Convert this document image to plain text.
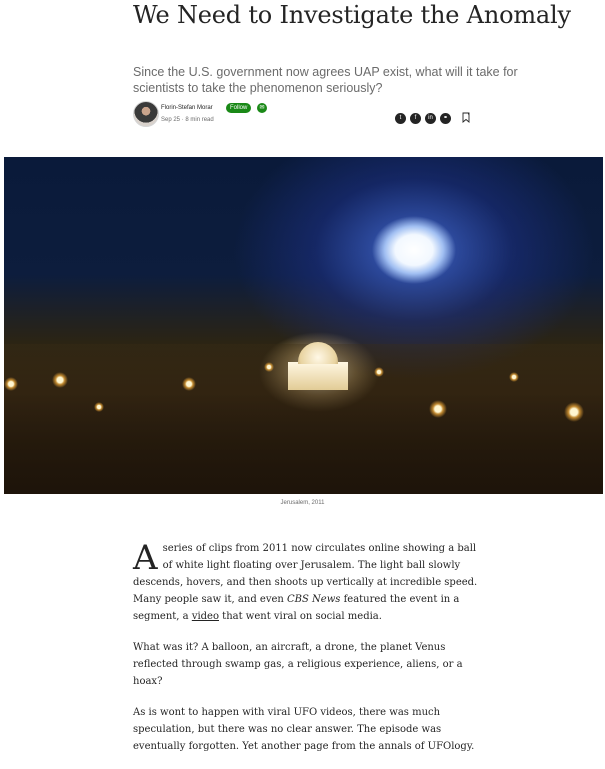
We Need to Investigate the Anomaly

Since the U.S. government now agrees UAP exist, what will it take for scientists to take the phenomenon seriously?

Florin-Stefan Morar	Follow	✉
Sep 25 · 8 min read	t	f	in	⚭
Jerusalem, 2011

Aseries of clips from 2011 now circulates online showing a ball of white light floating over Jerusalem. The light ball slowly descends, hovers, and then shoots up vertically at incredible speed. Many people saw it, and even CBS News featured the event in a segment, a video that went viral on social media.

What was it? A balloon, an aircraft, a drone, the planet Venus reflected through swamp gas, a religious experience, aliens, or a hoax?

As is wont to happen with viral UFO videos, there was much speculation, but there was no clear answer. The episode was eventually forgotten. Yet another page from the annals of UFOlogy.
